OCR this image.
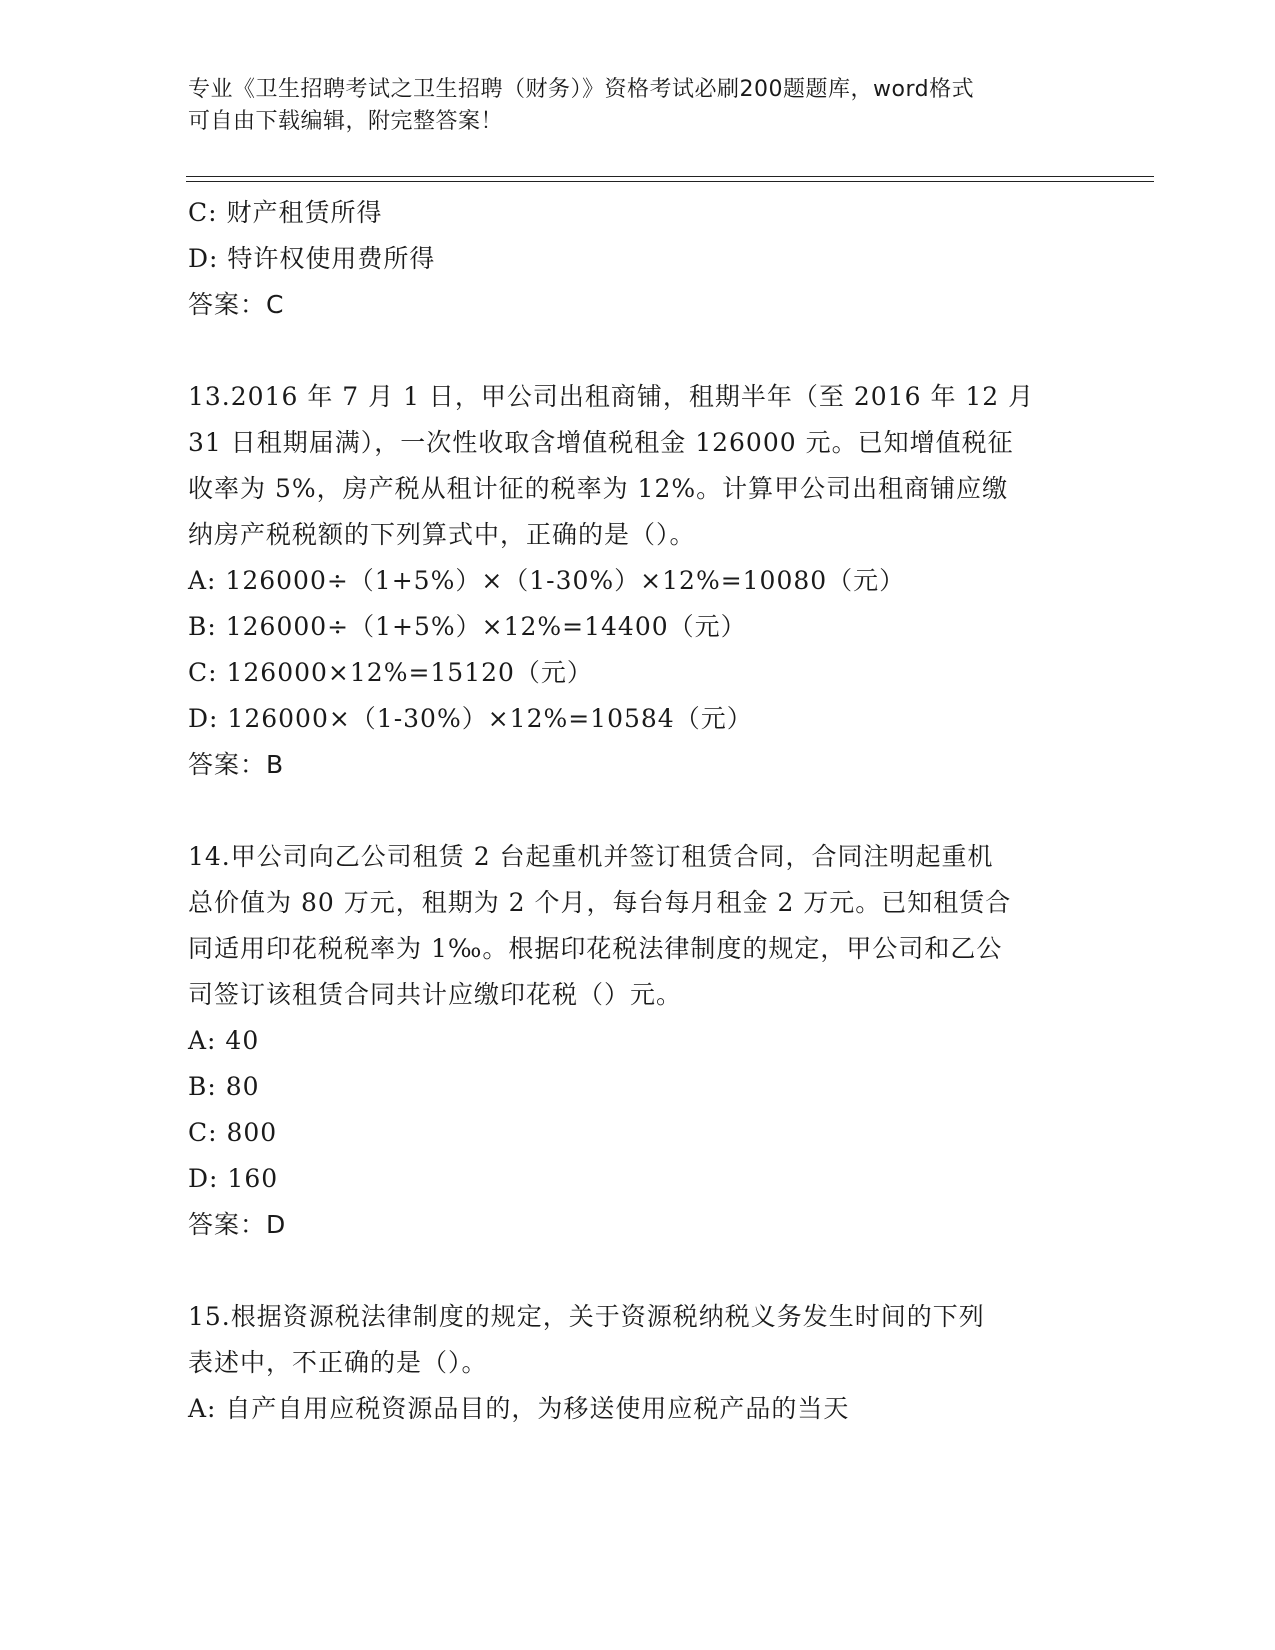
专业《卫生招聘考试之卫生招聘（财务）》资格考试必刷200题题库，word格式
可自由下载编辑，附完整答案！
C: 财产租赁所得
D: 特许权使用费所得
答案：C
13.2016 年 7 月 1 日，甲公司出租商铺，租期半年（至 2016 年 12 月
31 日租期届满），一次性收取含增值税租金 126000 元。已知增值税征
收率为 5%，房产税从租计征的税率为 12%。计算甲公司出租商铺应缴
纳房产税税额的下列算式中，正确的是（）。
A: 126000÷（1+5%）×（1-30%）×12%=10080（元）
B: 126000÷（1+5%）×12%=14400（元）
C: 126000×12%=15120（元）
D: 126000×（1-30%）×12%=10584（元）
答案：B
14.甲公司向乙公司租赁 2 台起重机并签订租赁合同，合同注明起重机
总价值为 80 万元，租期为 2 个月，每台每月租金 2 万元。已知租赁合
同适用印花税税率为 1‰。根据印花税法律制度的规定，甲公司和乙公
司签订该租赁合同共计应缴印花税（）元。
A: 40
B: 80
C: 800
D: 160
答案：D
15.根据资源税法律制度的规定，关于资源税纳税义务发生时间的下列
表述中，不正确的是（）。
A: 自产自用应税资源品目的，为移送使用应税产品的当天
